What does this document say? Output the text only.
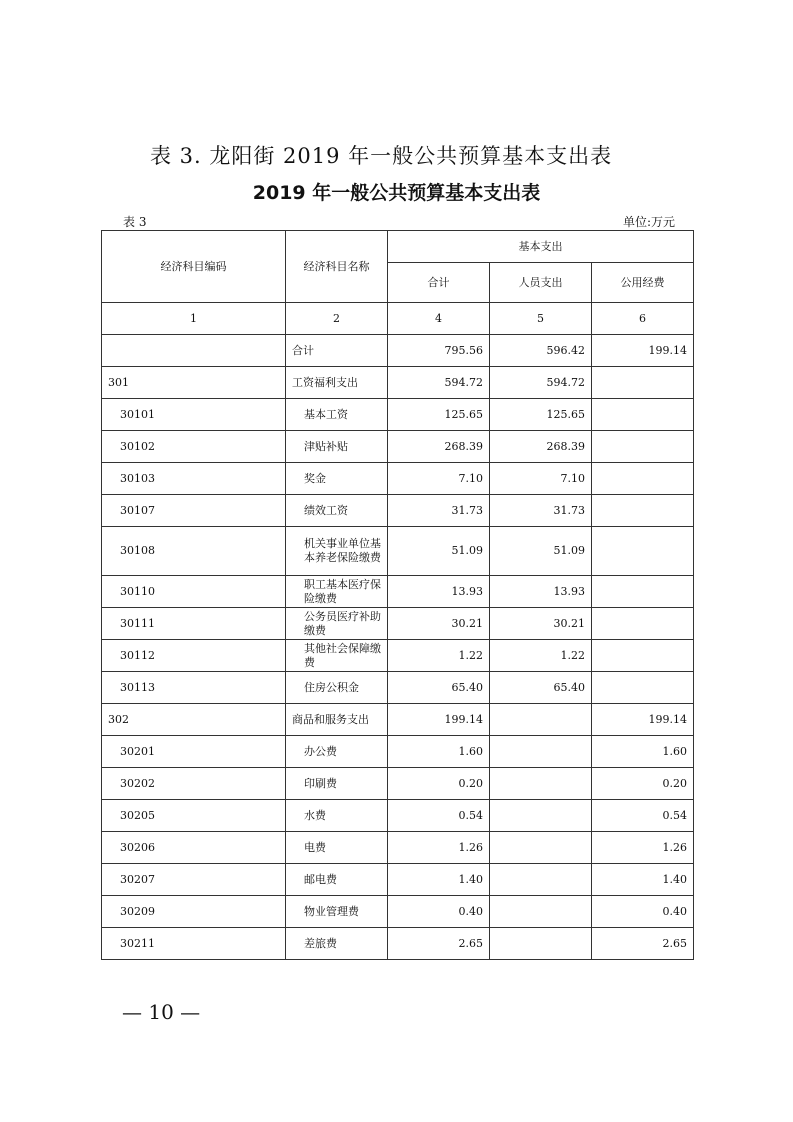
表 3. 龙阳街 2019 年一般公共预算基本支出表
2019 年一般公共预算基本支出表
表 3	单位:万元
经济科目编码	经济科目名称	基本支出		
		合计	人员支出	公用经费
1	2	4	5	6
	合计	795.56	596.42	199.14
301	工资福利支出	594.72	594.72	
30101	基本工资	125.65	125.65	
30102	津贴补贴	268.39	268.39	
30103	奖金	7.10	7.10	
30107	绩效工资	31.73	31.73	
30108	机关事业单位基本养老保险缴费	51.09	51.09	
30110	职工基本医疗保险缴费	13.93	13.93	
30111	公务员医疗补助缴费	30.21	30.21	
30112	其他社会保障缴费	1.22	1.22	
30113	住房公积金	65.40	65.40	
302	商品和服务支出	199.14		199.14
30201	办公费	1.60		1.60
30202	印刷费	0.20		0.20
30205	水费	0.54		0.54
30206	电费	1.26		1.26
30207	邮电费	1.40		1.40
30209	物业管理费	0.40		0.40
30211	差旅费	2.65		2.65
— 10 —
